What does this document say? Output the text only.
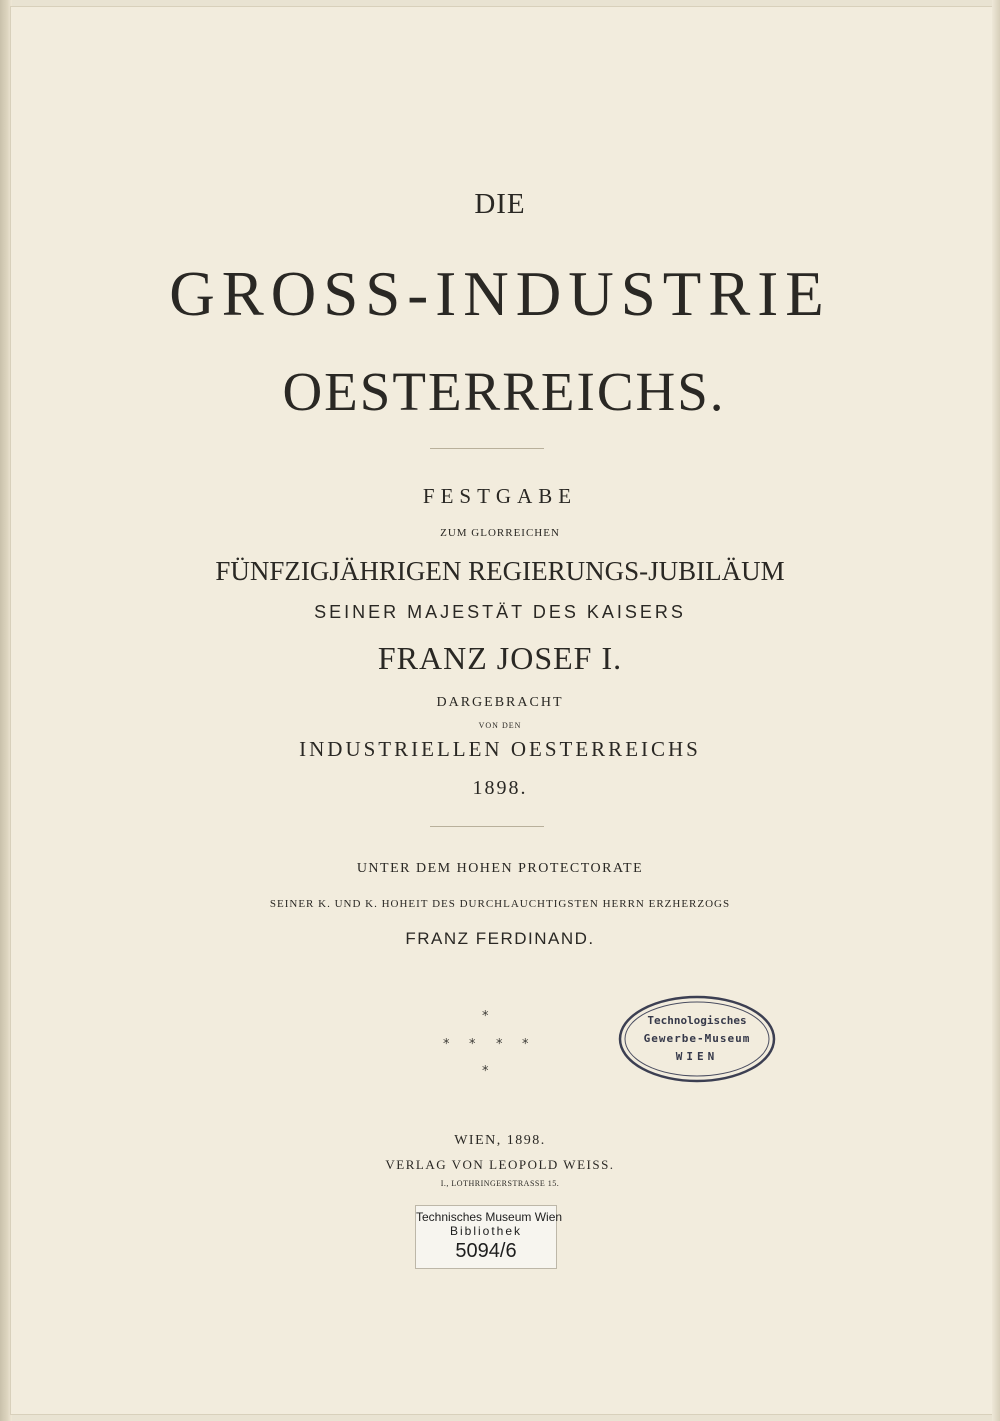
DIE
GROSS-INDUSTRIE
OESTERREICHS.
FESTGABE
ZUM GLORREICHEN
FÜNFZIGJÄHRIGEN REGIERUNGS-JUBILÄUM
SEINER MAJESTÄT DES KAISERS
FRANZ JOSEF I.
DARGEBRACHT
VON DEN
INDUSTRIELLEN OESTERREICHS
1898.
UNTER DEM HOHEN PROTECTORATE
SEINER K. UND K. HOHEIT DES DURCHLAUCHTIGSTEN HERRN ERZHERZOGS
FRANZ FERDINAND.
*
* * * *
*
Technologisches
Gewerbe-Museum
WIEN
WIEN, 1898.
VERLAG VON LEOPOLD WEISS.
I., LOTHRINGERSTRASSE 15.
Technisches Museum Wien
Bibliothek
5094/6
